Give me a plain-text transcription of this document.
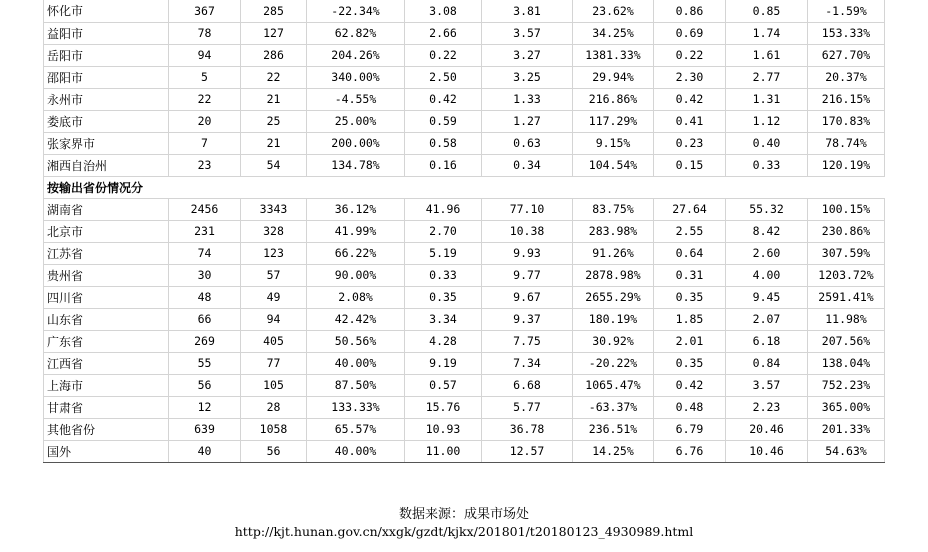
怀化市	367	285	-22.34%	3.08	3.81	23.62%	0.86	0.85	-1.59%
益阳市	78	127	62.82%	2.66	3.57	34.25%	0.69	1.74	153.33%
岳阳市	94	286	204.26%	0.22	3.27	1381.33%	0.22	1.61	627.70%
邵阳市	5	22	340.00%	2.50	3.25	29.94%	2.30	2.77	20.37%
永州市	22	21	-4.55%	0.42	1.33	216.86%	0.42	1.31	216.15%
娄底市	20	25	25.00%	0.59	1.27	117.29%	0.41	1.12	170.83%
张家界市	7	21	200.00%	0.58	0.63	9.15%	0.23	0.40	78.74%
湘西自治州	23	54	134.78%	0.16	0.34	104.54%	0.15	0.33	120.19%
按输出省份情况分									
湖南省	2456	3343	36.12%	41.96	77.10	83.75%	27.64	55.32	100.15%
北京市	231	328	41.99%	2.70	10.38	283.98%	2.55	8.42	230.86%
江苏省	74	123	66.22%	5.19	9.93	91.26%	0.64	2.60	307.59%
贵州省	30	57	90.00%	0.33	9.77	2878.98%	0.31	4.00	1203.72%
四川省	48	49	2.08%	0.35	9.67	2655.29%	0.35	9.45	2591.41%
山东省	66	94	42.42%	3.34	9.37	180.19%	1.85	2.07	11.98%
广东省	269	405	50.56%	4.28	7.75	30.92%	2.01	6.18	207.56%
江西省	55	77	40.00%	9.19	7.34	-20.22%	0.35	0.84	138.04%
上海市	56	105	87.50%	0.57	6.68	1065.47%	0.42	3.57	752.23%
甘肃省	12	28	133.33%	15.76	5.77	-63.37%	0.48	2.23	365.00%
其他省份	639	1058	65.57%	10.93	36.78	236.51%	6.79	20.46	201.33%
国外	40	56	40.00%	11.00	12.57	14.25%	6.76	10.46	54.63%
数据来源：成果市场处
http://kjt.hunan.gov.cn/xxgk/gzdt/kjkx/201801/t20180123_4930989.html
